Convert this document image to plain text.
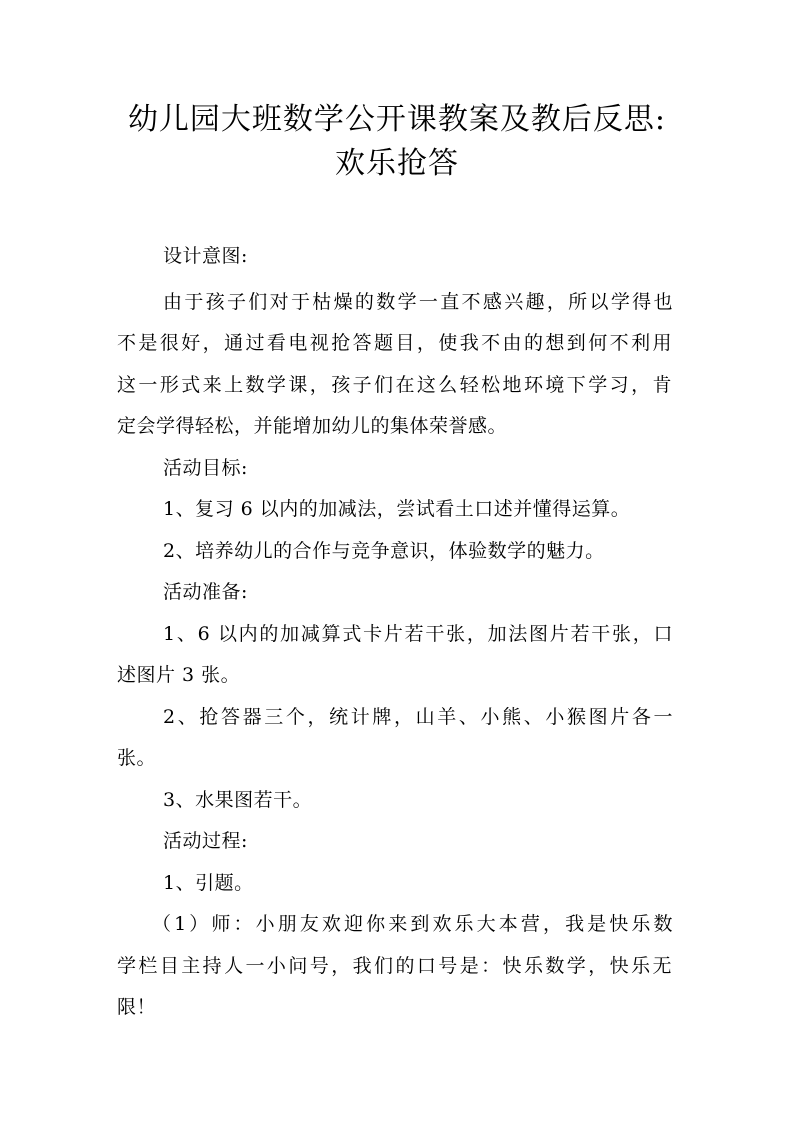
幼儿园大班数学公开课教案及教后反思:
欢乐抢答
设计意图:
由于孩子们对于枯燥的数学一直不感兴趣，所以学得也
不是很好，通过看电视抢答题目，使我不由的想到何不利用
这一形式来上数学课，孩子们在这么轻松地环境下学习，肯
定会学得轻松，并能增加幼儿的集体荣誉感。
活动目标:
1、复习 6 以内的加减法，尝试看土口述并懂得运算。
2、培养幼儿的合作与竞争意识，体验数学的魅力。
活动准备:
1、6 以内的加减算式卡片若干张，加法图片若干张，口
述图片 3 张。
2、抢答器三个，统计牌，山羊、小熊、小猴图片各一
张。
3、水果图若干。
活动过程:
1、引题。
（1）师：小朋友欢迎你来到欢乐大本营，我是快乐数
学栏目主持人一小问号，我们的口号是：快乐数学，快乐无
限！
